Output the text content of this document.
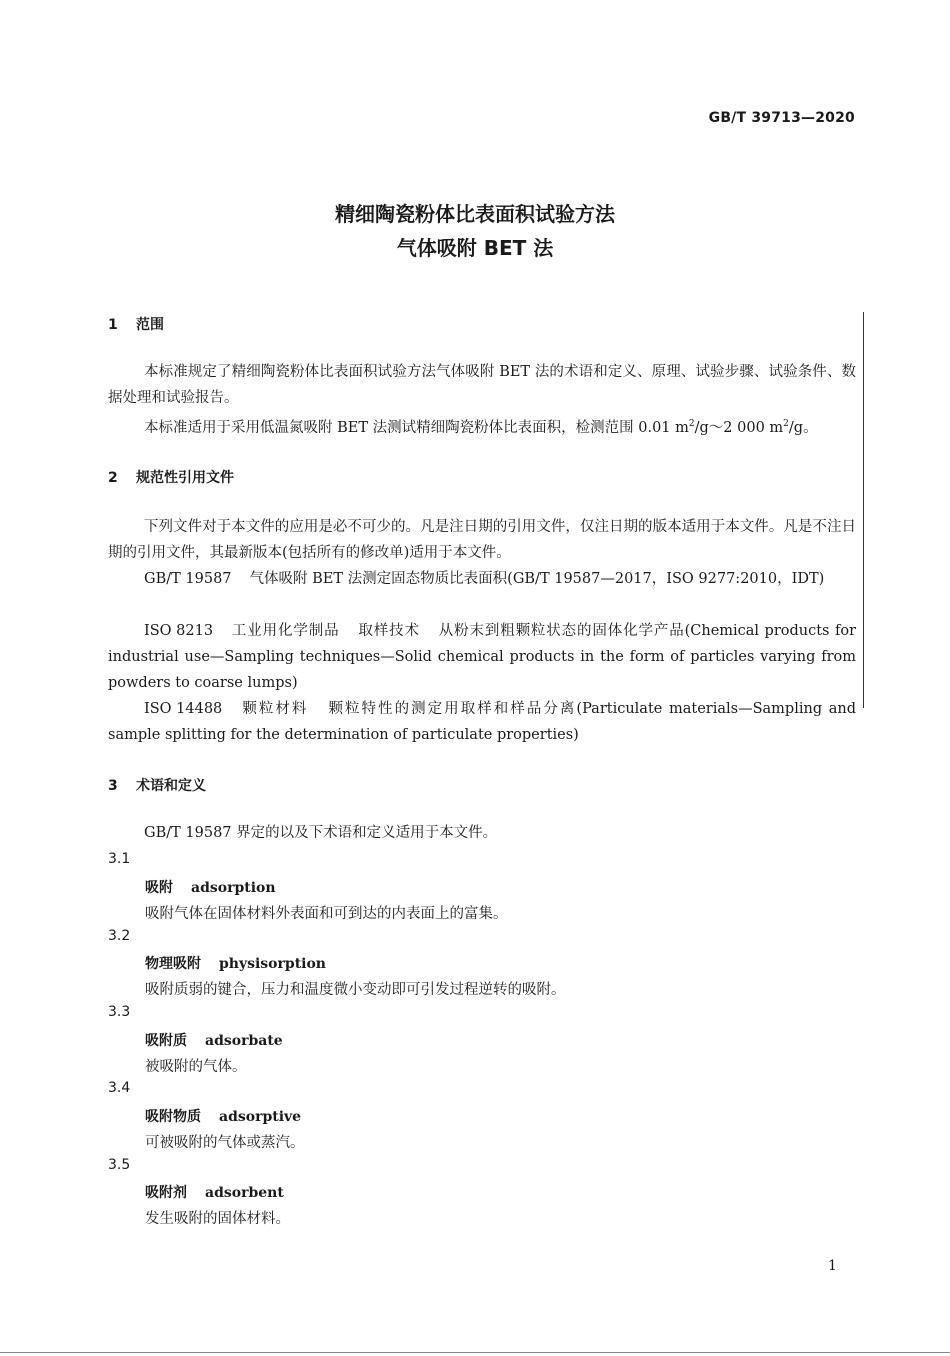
GB/T 39713—2020
精细陶瓷粉体比表面积试验方法
气体吸附 BET 法
1 范围
本标准规定了精细陶瓷粉体比表面积试验方法气体吸附 BET 法的术语和定义、原理、试验步骤、试验条件、数据处理和试验报告。
本标准适用于采用低温氮吸附 BET 法测试精细陶瓷粉体比表面积，检测范围 0.01 $m^2/g\sim 2$ 000 $m^2/g$。
2 规范性引用文件
下列文件对于本文件的应用是必不可少的。凡是注日期的引用文件，仅注日期的版本适用于本文件。凡是不注日期的引用文件，其最新版本(包括所有的修改单)适用于本文件。
GB/T 19587 气体吸附 BET 法测定固态物质比表面积(GB/T 19587—2017，ISO 9277:2010，IDT)
ISO 8213 工业用化学制品 取样技术 从粉末到粗颗粒状态的固体化学产品(Chemical products for industrial use—Sampling techniques—Solid chemical products in the form of particles varying from powders to coarse lumps)
ISO 14488 颗粒材料 颗粒特性的测定用取样和样品分离(Particulate materials—Sampling and sample splitting for the determination of particulate properties)
3 术语和定义
GB/T 19587 界定的以及下术语和定义适用于本文件。
3.1
吸附 adsorption
吸附气体在固体材料外表面和可到达的内表面上的富集。
3.2
物理吸附 physisorption
吸附质弱的键合，压力和温度微小变动即可引发过程逆转的吸附。
3.3
吸附质 adsorbate
被吸附的气体。
3.4
吸附物质 adsorptive
可被吸附的气体或蒸汽。
3.5
吸附剂 adsorbent
发生吸附的固体材料。
1
